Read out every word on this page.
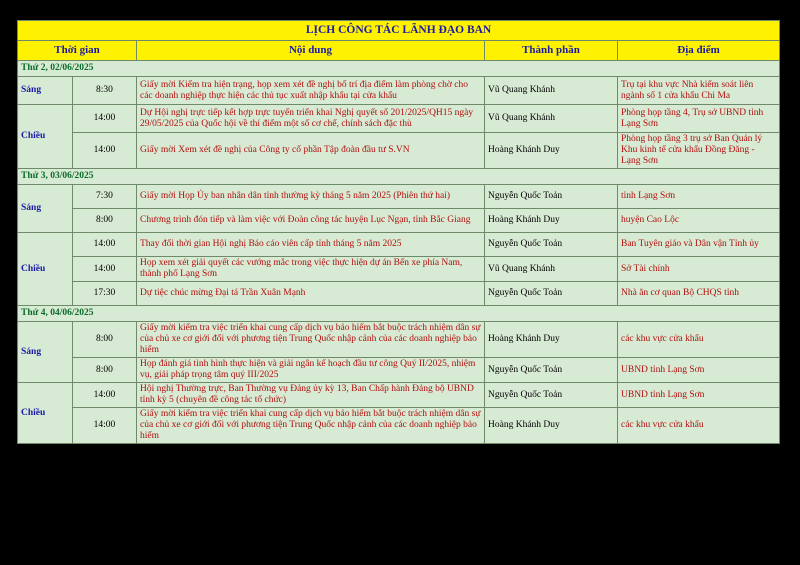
LỊCH CÔNG TÁC LÃNH ĐẠO BAN				
Thời gian		Nội dung	Thành phần	Địa điểm
Thứ 2, 02/06/2025				
Sáng	8:30	Giấy mời Kiểm tra hiện trạng, họp xem xét đề nghị bố trí địa điểm làm phòng chờ cho các doanh nghiệp thực hiện các thủ tục xuất nhập khẩu tại cửa khẩu	Vũ Quang Khánh	Trụ tại khu vực Nhà kiểm soát liên ngành số 1 cửa khẩu Chi Ma
Chiều	14:00	Dự Hội nghị trực tiếp kết hợp trực tuyến triển khai Nghị quyết số 201/2025/QH15 ngày 29/05/2025 của Quốc hội về thí điểm một số cơ chế, chính sách đặc thù	Vũ Quang Khánh	Phòng họp tầng 4, Trụ sở UBND tỉnh Lạng Sơn
	14:00	Giấy mời Xem xét đề nghị của Công ty cổ phần Tập đoàn đầu tư S.VN	Hoàng Khánh Duy	Phòng họp tầng 3 trụ sở Ban Quản lý Khu kinh tế cửa khẩu Đồng Đăng - Lạng Sơn
Thứ 3, 03/06/2025				
Sáng	7:30	Giấy mời Họp Ủy ban nhân dân tỉnh thường kỳ tháng 5 năm 2025 (Phiên thứ hai)	Nguyễn Quốc Toản	tỉnh Lạng Sơn
	8:00	Chương trình đón tiếp và làm việc với Đoàn công tác huyện Lục Ngạn, tỉnh Bắc Giang	Hoàng Khánh Duy	huyện Cao Lộc
Chiều	14:00	Thay đổi thời gian Hội nghị Báo cáo viên cấp tỉnh tháng 5 năm 2025	Nguyễn Quốc Toản	Ban Tuyên giáo và Dân vận Tỉnh ủy
	14:00	Họp xem xét giải quyết các vướng mắc trong việc thực hiện dự án Bến xe phía Nam, thành phố Lạng Sơn	Vũ Quang Khánh	Sở Tài chính
	17:30	Dự tiệc chúc mừng Đại tá Trần Xuân Mạnh	Nguyễn Quốc Toản	Nhà ăn cơ quan Bộ CHQS tỉnh
Thứ 4, 04/06/2025				
Sáng	8:00	Giấy mời kiểm tra việc triển khai cung cấp dịch vụ bảo hiểm bắt buộc trách nhiệm dân sự của chủ xe cơ giới đối với phương tiện Trung Quốc nhập cảnh của các doanh nghiệp bảo hiểm	Hoàng Khánh Duy	các khu vực cửa khẩu
	8:00	Họp đánh giá tình hình thực hiện và giải ngân kế hoạch đầu tư công Quý II/2025, nhiệm vụ, giải pháp trọng tâm quý III/2025	Nguyễn Quốc Toản	UBND tỉnh Lạng Sơn
Chiều	14:00	Hội nghị Thường trực, Ban Thường vụ Đảng ủy kỳ 13, Ban Chấp hành Đảng bộ UBND tỉnh kỳ 5 (chuyên đề công tác tổ chức)	Nguyễn Quốc Toản	UBND tỉnh Lạng Sơn
	14:00	Giấy mời kiểm tra việc triển khai cung cấp dịch vụ bảo hiểm bắt buộc trách nhiệm dân sự của chủ xe cơ giới đối với phương tiện Trung Quốc nhập cảnh của các doanh nghiệp bảo hiểm	Hoàng Khánh Duy	các khu vực cửa khẩu
